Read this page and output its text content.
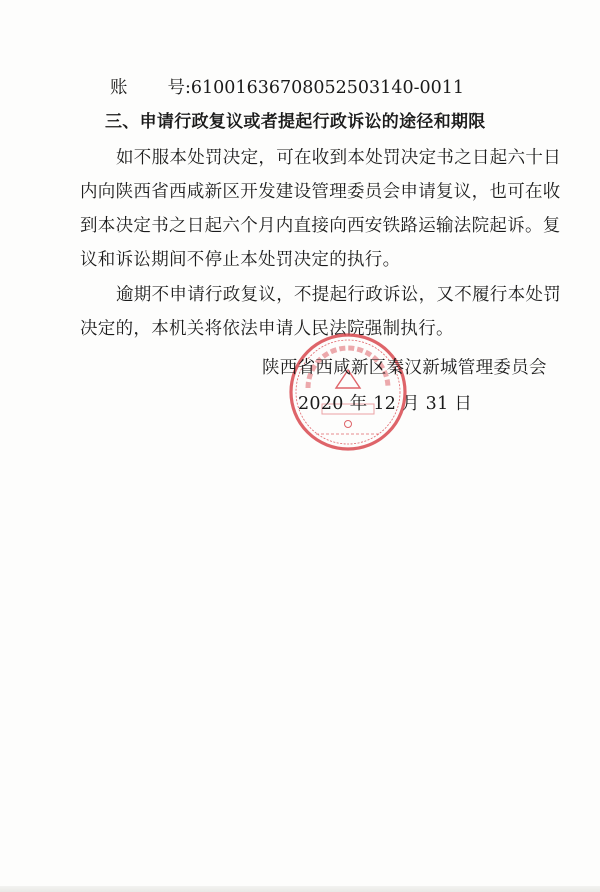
账 号:61001636708052503140-0011
三、申请行政复议或者提起行政诉讼的途径和期限
如不服本处罚决定，可在收到本处罚决定书之日起六十日
内向陕西省西咸新区开发建设管理委员会申请复议，也可在收
到本决定书之日起六个月内直接向西安铁路运输法院起诉。复
议和诉讼期间不停止本处罚决定的执行。
逾期不申请行政复议，不提起行政诉讼，又不履行本处罚
决定的，本机关将依法申请人民法院强制执行。
陕西省西咸新区秦汉新城管理委员会
2020 年 12 月 31 日
